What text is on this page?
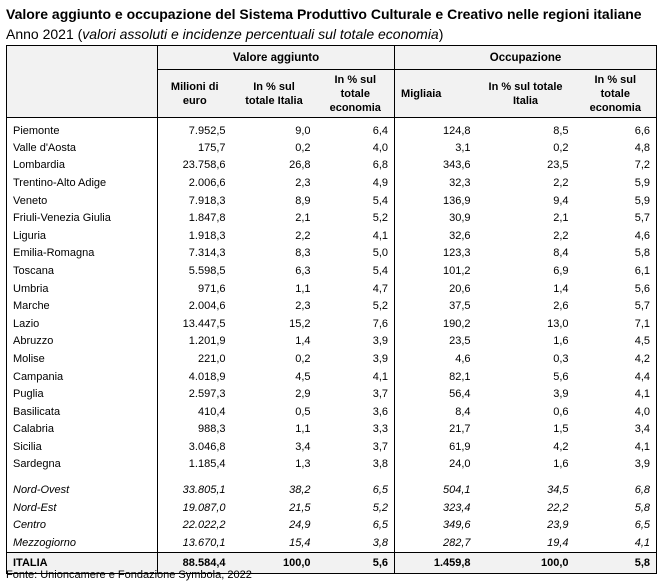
Valore aggiunto e occupazione del Sistema Produttivo Culturale e Creativo nelle regioni italiane
Anno 2021 (valori assoluti e incidenze percentuali sul totale economia)
	Valore aggiunto			Occupazione		
	Milioni di euro	In % sul totale Italia	In % sul totale economia	Migliaia	In % sul totale Italia	In % sul totale economia
Piemonte	7.952,5	9,0	6,4	124,8	8,5	6,6
Valle d'Aosta	175,7	0,2	4,0	3,1	0,2	4,8
Lombardia	23.758,6	26,8	6,8	343,6	23,5	7,2
Trentino-Alto Adige	2.006,6	2,3	4,9	32,3	2,2	5,9
Veneto	7.918,3	8,9	5,4	136,9	9,4	5,9
Friuli-Venezia Giulia	1.847,8	2,1	5,2	30,9	2,1	5,7
Liguria	1.918,3	2,2	4,1	32,6	2,2	4,6
Emilia-Romagna	7.314,3	8,3	5,0	123,3	8,4	5,8
Toscana	5.598,5	6,3	5,4	101,2	6,9	6,1
Umbria	971,6	1,1	4,7	20,6	1,4	5,6
Marche	2.004,6	2,3	5,2	37,5	2,6	5,7
Lazio	13.447,5	15,2	7,6	190,2	13,0	7,1
Abruzzo	1.201,9	1,4	3,9	23,5	1,6	4,5
Molise	221,0	0,2	3,9	4,6	0,3	4,2
Campania	4.018,9	4,5	4,1	82,1	5,6	4,4
Puglia	2.597,3	2,9	3,7	56,4	3,9	4,1
Basilicata	410,4	0,5	3,6	8,4	0,6	4,0
Calabria	988,3	1,1	3,3	21,7	1,5	3,4
Sicilia	3.046,8	3,4	3,7	61,9	4,2	4,1
Sardegna	1.185,4	1,3	3,8	24,0	1,6	3,9

Nord-Ovest	33.805,1	38,2	6,5	504,1	34,5	6,8
Nord-Est	19.087,0	21,5	5,2	323,4	22,2	5,8
Centro	22.022,2	24,9	6,5	349,6	23,9	6,5
Mezzogiorno	13.670,1	15,4	3,8	282,7	19,4	4,1
ITALIA	88.584,4	100,0	5,6	1.459,8	100,0	5,8
Fonte: Unioncamere e Fondazione Symbola, 2022
